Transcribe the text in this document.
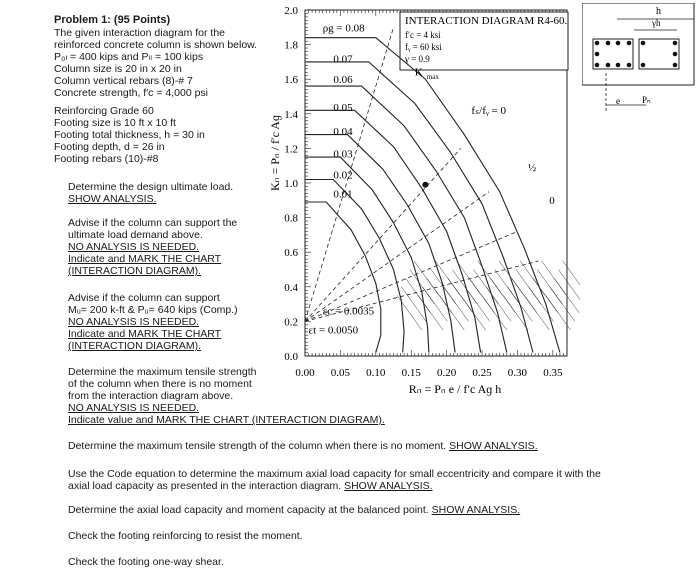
Problem 1: (95 Points)
The given interaction diagram for the
reinforced concrete column is shown below.
P₀ₗ = 400 kips and Pₗₗ = 100 kips
Column size is 20 in x 20 in
Column vertical rebars (8)-# 7
Concrete strength, f′c = 4,000 psi
Reinforcing Grade 60
Footing size is 10 ft x 10 ft
Footing total thickness, h = 30 in
Footing depth, d = 26 in
Footing rebars (10)-#8
Determine the design ultimate load.
SHOW ANALYSIS.
Advise if the column can support the
ultimate load demand above.
NO ANALYSIS IS NEEDED.
Indicate and MARK THE CHART
(INTERACTION DIAGRAM).
Advise if the column can support
Mᵤ= 200 k-ft & Pᵤ= 640 kips (Comp.)
NO ANALYSIS IS NEEDED.
Indicate and MARK THE CHART
(INTERACTION DIAGRAM).
Determine the maximum tensile strength
of the column when there is no moment
from the interaction diagram above.
NO ANALYSIS IS NEEDED.
Indicate value and MARK THE CHART (INTERACTION DIAGRAM).
Determine the maximum tensile strength of the column when there is no moment. SHOW ANALYSIS.
Use the Code equation to determine the maximum axial load capacity for small eccentricity and compare it with the
axial load capacity as presented in the interaction diagram. SHOW ANALYSIS.
Determine the axial load capacity and moment capacity at the balanced point. SHOW ANALYSIS.
Check the footing reinforcing to resist the moment.
Check the footing one-way shear.
0.0
0.2
0.4
0.6
0.8
1.0
1.2
1.4
1.6
1.8
2.0
0.00 0.05 0.10 0.15 0.20 0.25 0.30 0.35
Rₙ = Pₙ e / f′c Aɡ h
Kₙ = Pₙ / f′c Aɡ
INTERACTION DIAGRAM R4-60.
f′c = 4 ksi
fᵧ = 60 ksi
γ = 0.9
ρg = 0.08
0.07
0.06
0.05
0.04
0.03
0.02
0.01
K max
fₛ/fᵧ = 0
½
0
εc = 0.0035
εt = 0.0050
h
γh
e Pₙ
